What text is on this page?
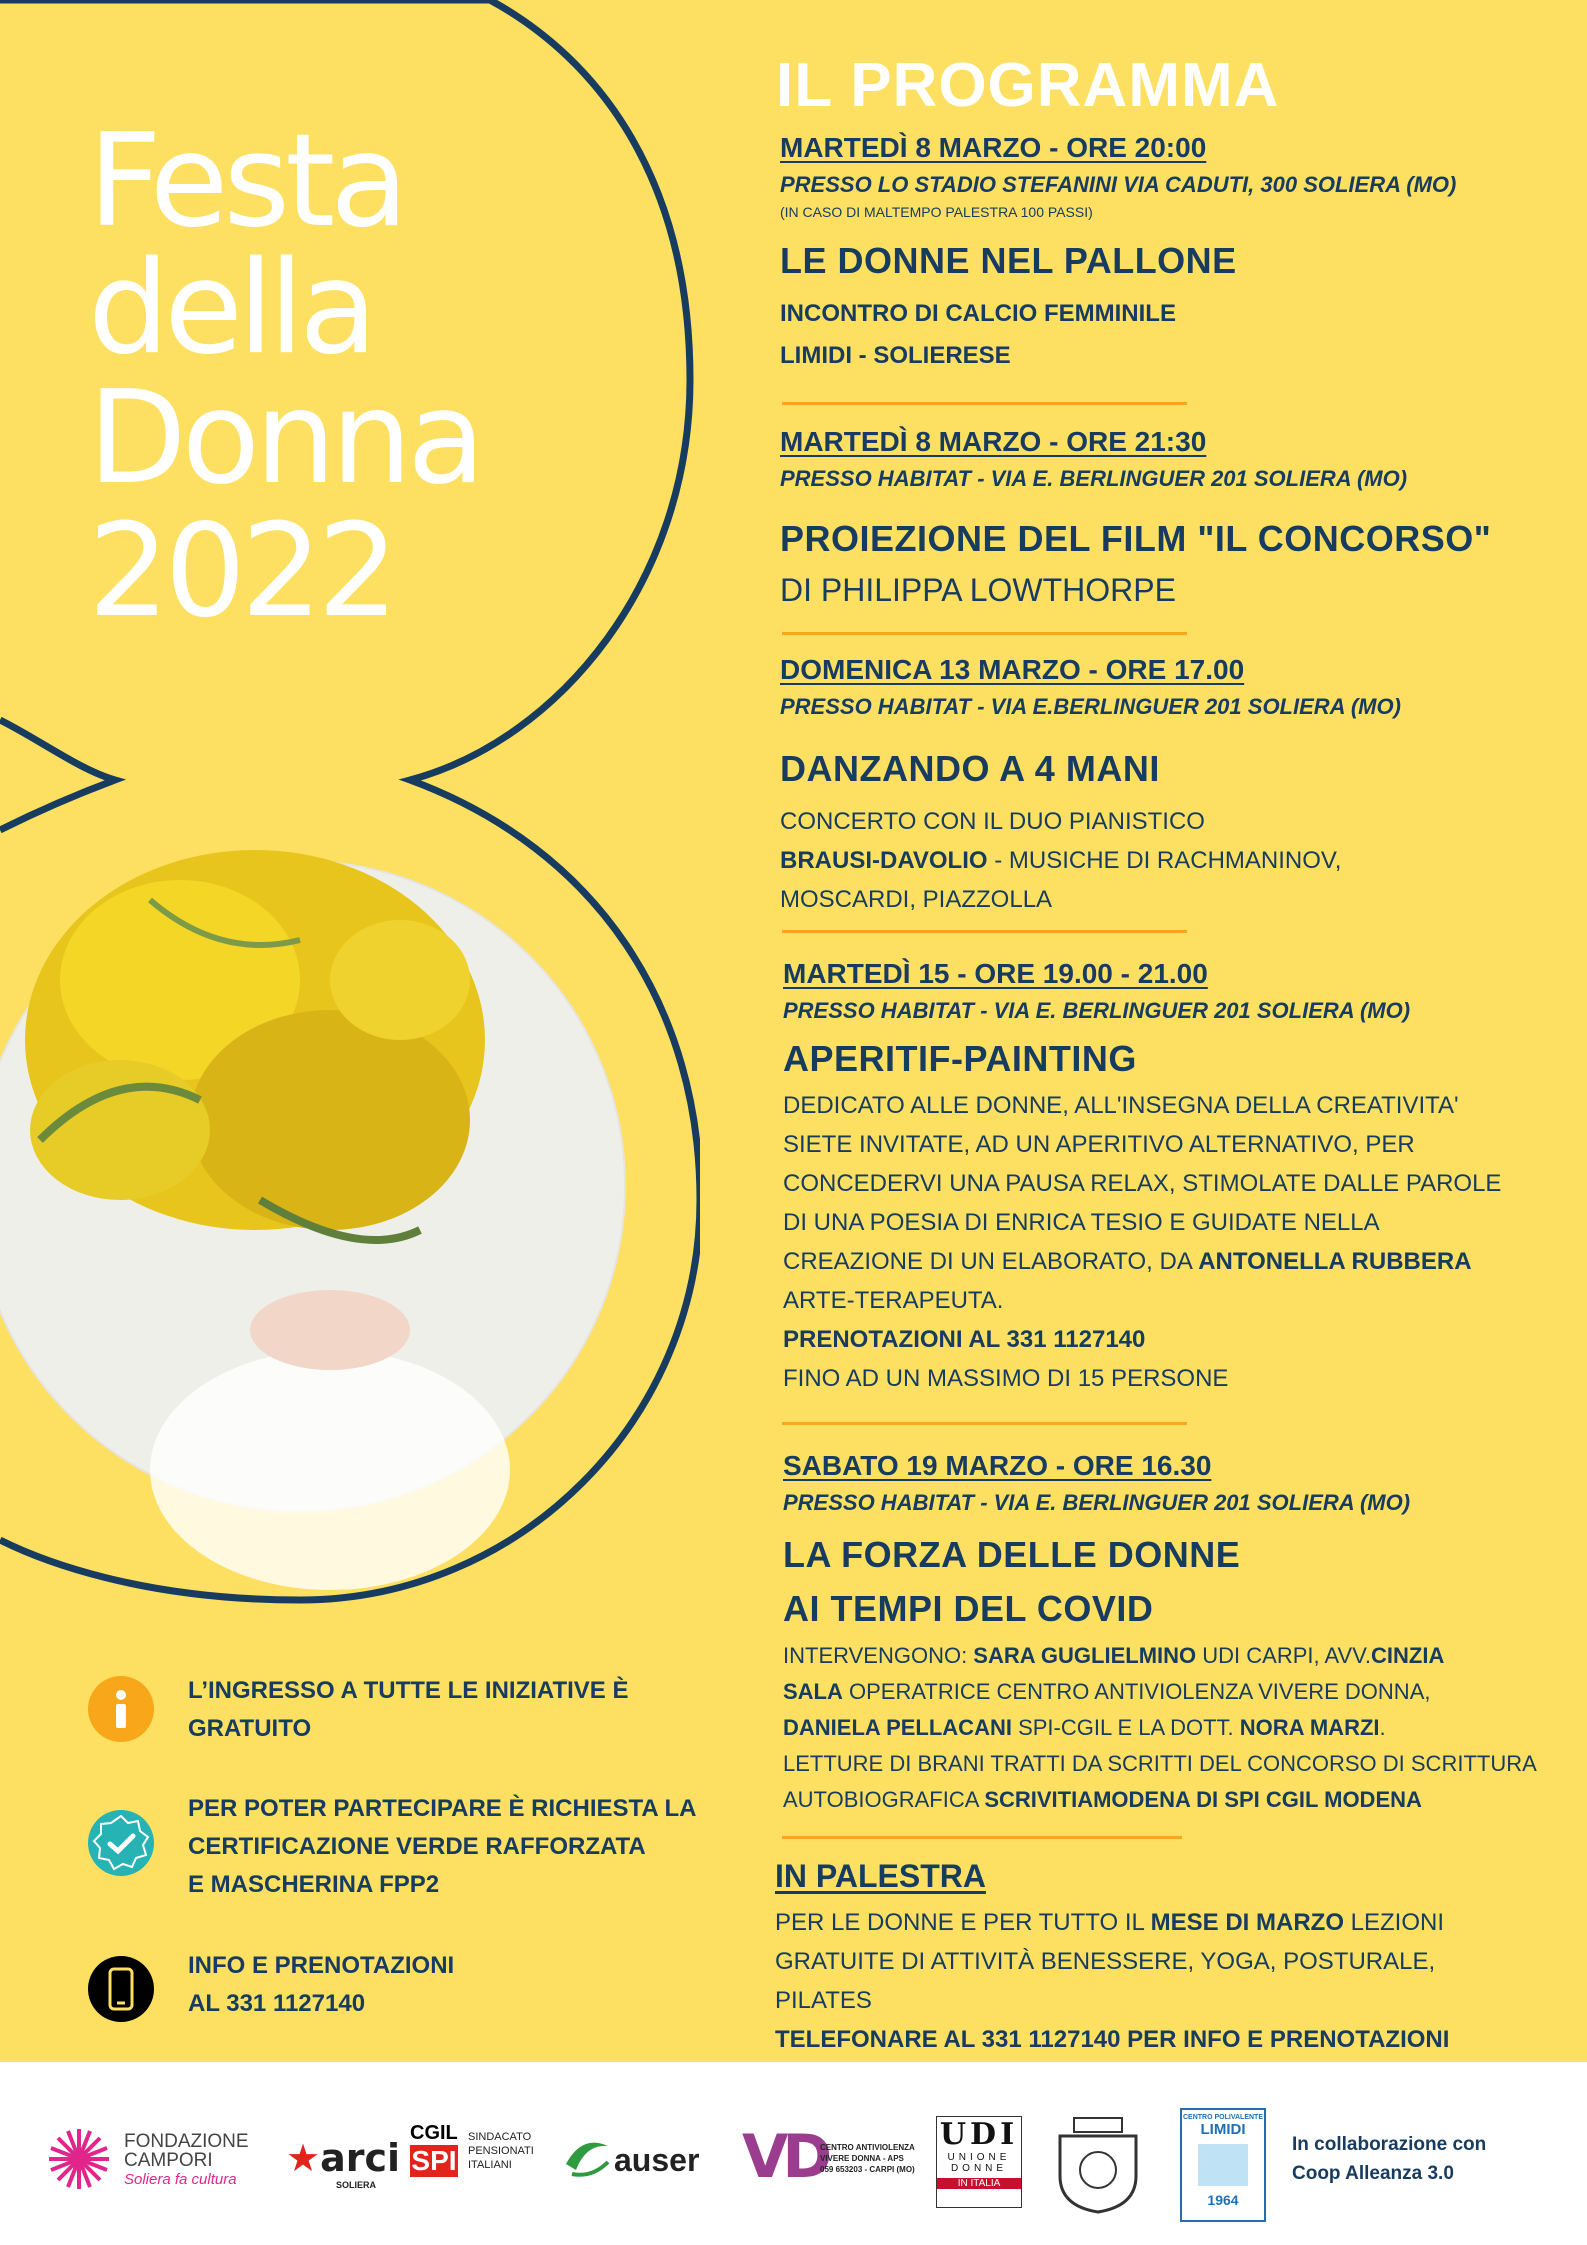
Festa
della
Donna
2022
IL PROGRAMMA
MARTEDÌ 8 MARZO - ORE 20:00
PRESSO LO STADIO STEFANINI VIA CADUTI, 300 SOLIERA (MO)
(IN CASO DI MALTEMPO PALESTRA 100 PASSI)
LE DONNE NEL PALLONE
INCONTRO DI CALCIO FEMMINILE
LIMIDI - SOLIERESE
MARTEDÌ 8 MARZO - ORE 21:30
PRESSO HABITAT - VIA E. BERLINGUER 201 SOLIERA (MO)
PROIEZIONE DEL FILM "IL CONCORSO"
DI PHILIPPA LOWTHORPE
DOMENICA 13 MARZO - ORE 17.00
PRESSO HABITAT - VIA E.BERLINGUER 201 SOLIERA (MO)
DANZANDO A 4 MANI
CONCERTO CON IL DUO PIANISTICO
BRAUSI-DAVOLIO - MUSICHE DI RACHMANINOV,
MOSCARDI, PIAZZOLLA
MARTEDÌ 15 - ORE 19.00 - 21.00
PRESSO HABITAT - VIA E. BERLINGUER 201 SOLIERA (MO)
APERITIF-PAINTING
DEDICATO ALLE DONNE, ALL'INSEGNA DELLA CREATIVITA'
SIETE INVITATE, AD UN APERITIVO ALTERNATIVO, PER
CONCEDERVI UNA PAUSA RELAX, STIMOLATE DALLE PAROLE
DI UNA POESIA DI ENRICA TESIO E GUIDATE NELLA
CREAZIONE DI UN ELABORATO, DA ANTONELLA RUBBERA
ARTE-TERAPEUTA.
PRENOTAZIONI AL 331 1127140
FINO AD UN MASSIMO DI 15 PERSONE
SABATO 19 MARZO - ORE 16.30
PRESSO HABITAT - VIA E. BERLINGUER 201 SOLIERA (MO)
LA FORZA DELLE DONNE
AI TEMPI DEL COVID
INTERVENGONO: SARA GUGLIELMINO UDI CARPI, AVV.CINZIA
SALA OPERATRICE CENTRO ANTIVIOLENZA VIVERE DONNA,
DANIELA PELLACANI SPI-CGIL E LA DOTT. NORA MARZI.
LETTURE DI BRANI TRATTI DA SCRITTI DEL CONCORSO DI SCRITTURA
AUTOBIOGRAFICA SCRIVITIAMODENA DI SPI CGIL MODENA
IN PALESTRA
PER LE DONNE E PER TUTTO IL MESE DI MARZO LEZIONI
GRATUITE DI ATTIVITÀ BENESSERE, YOGA, POSTURALE, PILATES
TELEFONARE AL 331 1127140 PER INFO E PRENOTAZIONI
L’INGRESSO A TUTTE LE INIZIATIVE È
GRATUITO
PER POTER PARTECIPARE È RICHIESTA LA
CERTIFICAZIONE VERDE RAFFORZATA
E MASCHERINA FPP2
INFO E PRENOTAZIONI
AL 331 1127140
FONDAZIONE
CAMPORI
Soliera fa cultura	★arci
SOLIERA
CGIL
SPI
SINDACATO
PENSIONATI
ITALIANI	auser VD
CENTRO ANTIVIOLENZA
VIVERE DONNA - APS
059 653203 - CARPI (MO)
UDI
UNIONE
DONNE
IN ITALIA
CENTRO POLIVALENTE
LIMIDI
1964
In collaborazione con
Coop Alleanza 3.0
